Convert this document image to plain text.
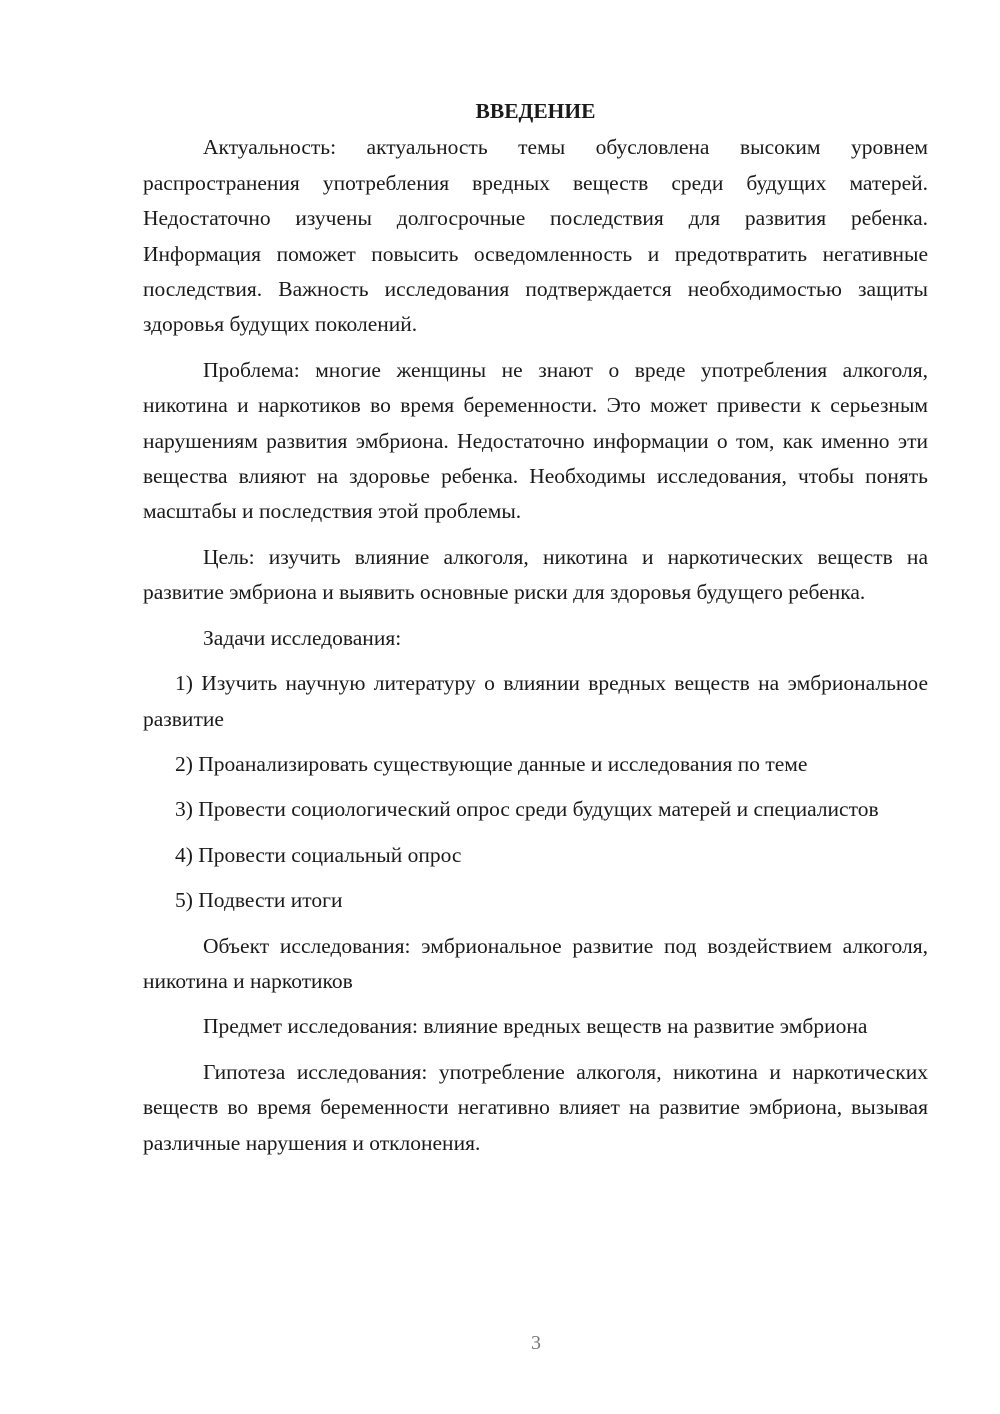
ВВЕДЕНИЕ

Актуальность: актуальность темы обусловлена высоким уровнем распространения употребления вредных веществ среди будущих матерей. Недостаточно изучены долгосрочные последствия для развития ребенка. Информация поможет повысить осведомленность и предотвратить негативные последствия. Важность исследования подтверждается необходимостью защиты здоровья будущих поколений.

Проблема: многие женщины не знают о вреде употребления алкоголя, никотина и наркотиков во время беременности. Это может привести к серьезным нарушениям развития эмбриона. Недостаточно информации о том, как именно эти вещества влияют на здоровье ребенка. Необходимы исследования, чтобы понять масштабы и последствия этой проблемы.

Цель: изучить влияние алкоголя, никотина и наркотических веществ на развитие эмбриона и выявить основные риски для здоровья будущего ребенка.

Задачи исследования:

1) Изучить научную литературу о влиянии вредных веществ на эмбриональное развитие

2) Проанализировать существующие данные и исследования по теме

3) Провести социологический опрос среди будущих матерей и специалистов

4) Провести социальный опрос

5) Подвести итоги

Объект исследования: эмбриональное развитие под воздействием алкоголя, никотина и наркотиков

Предмет исследования: влияние вредных веществ на развитие эмбриона

Гипотеза исследования: употребление алкоголя, никотина и наркотических веществ во время беременности негативно влияет на развитие эмбриона, вызывая различные нарушения и отклонения.

3
